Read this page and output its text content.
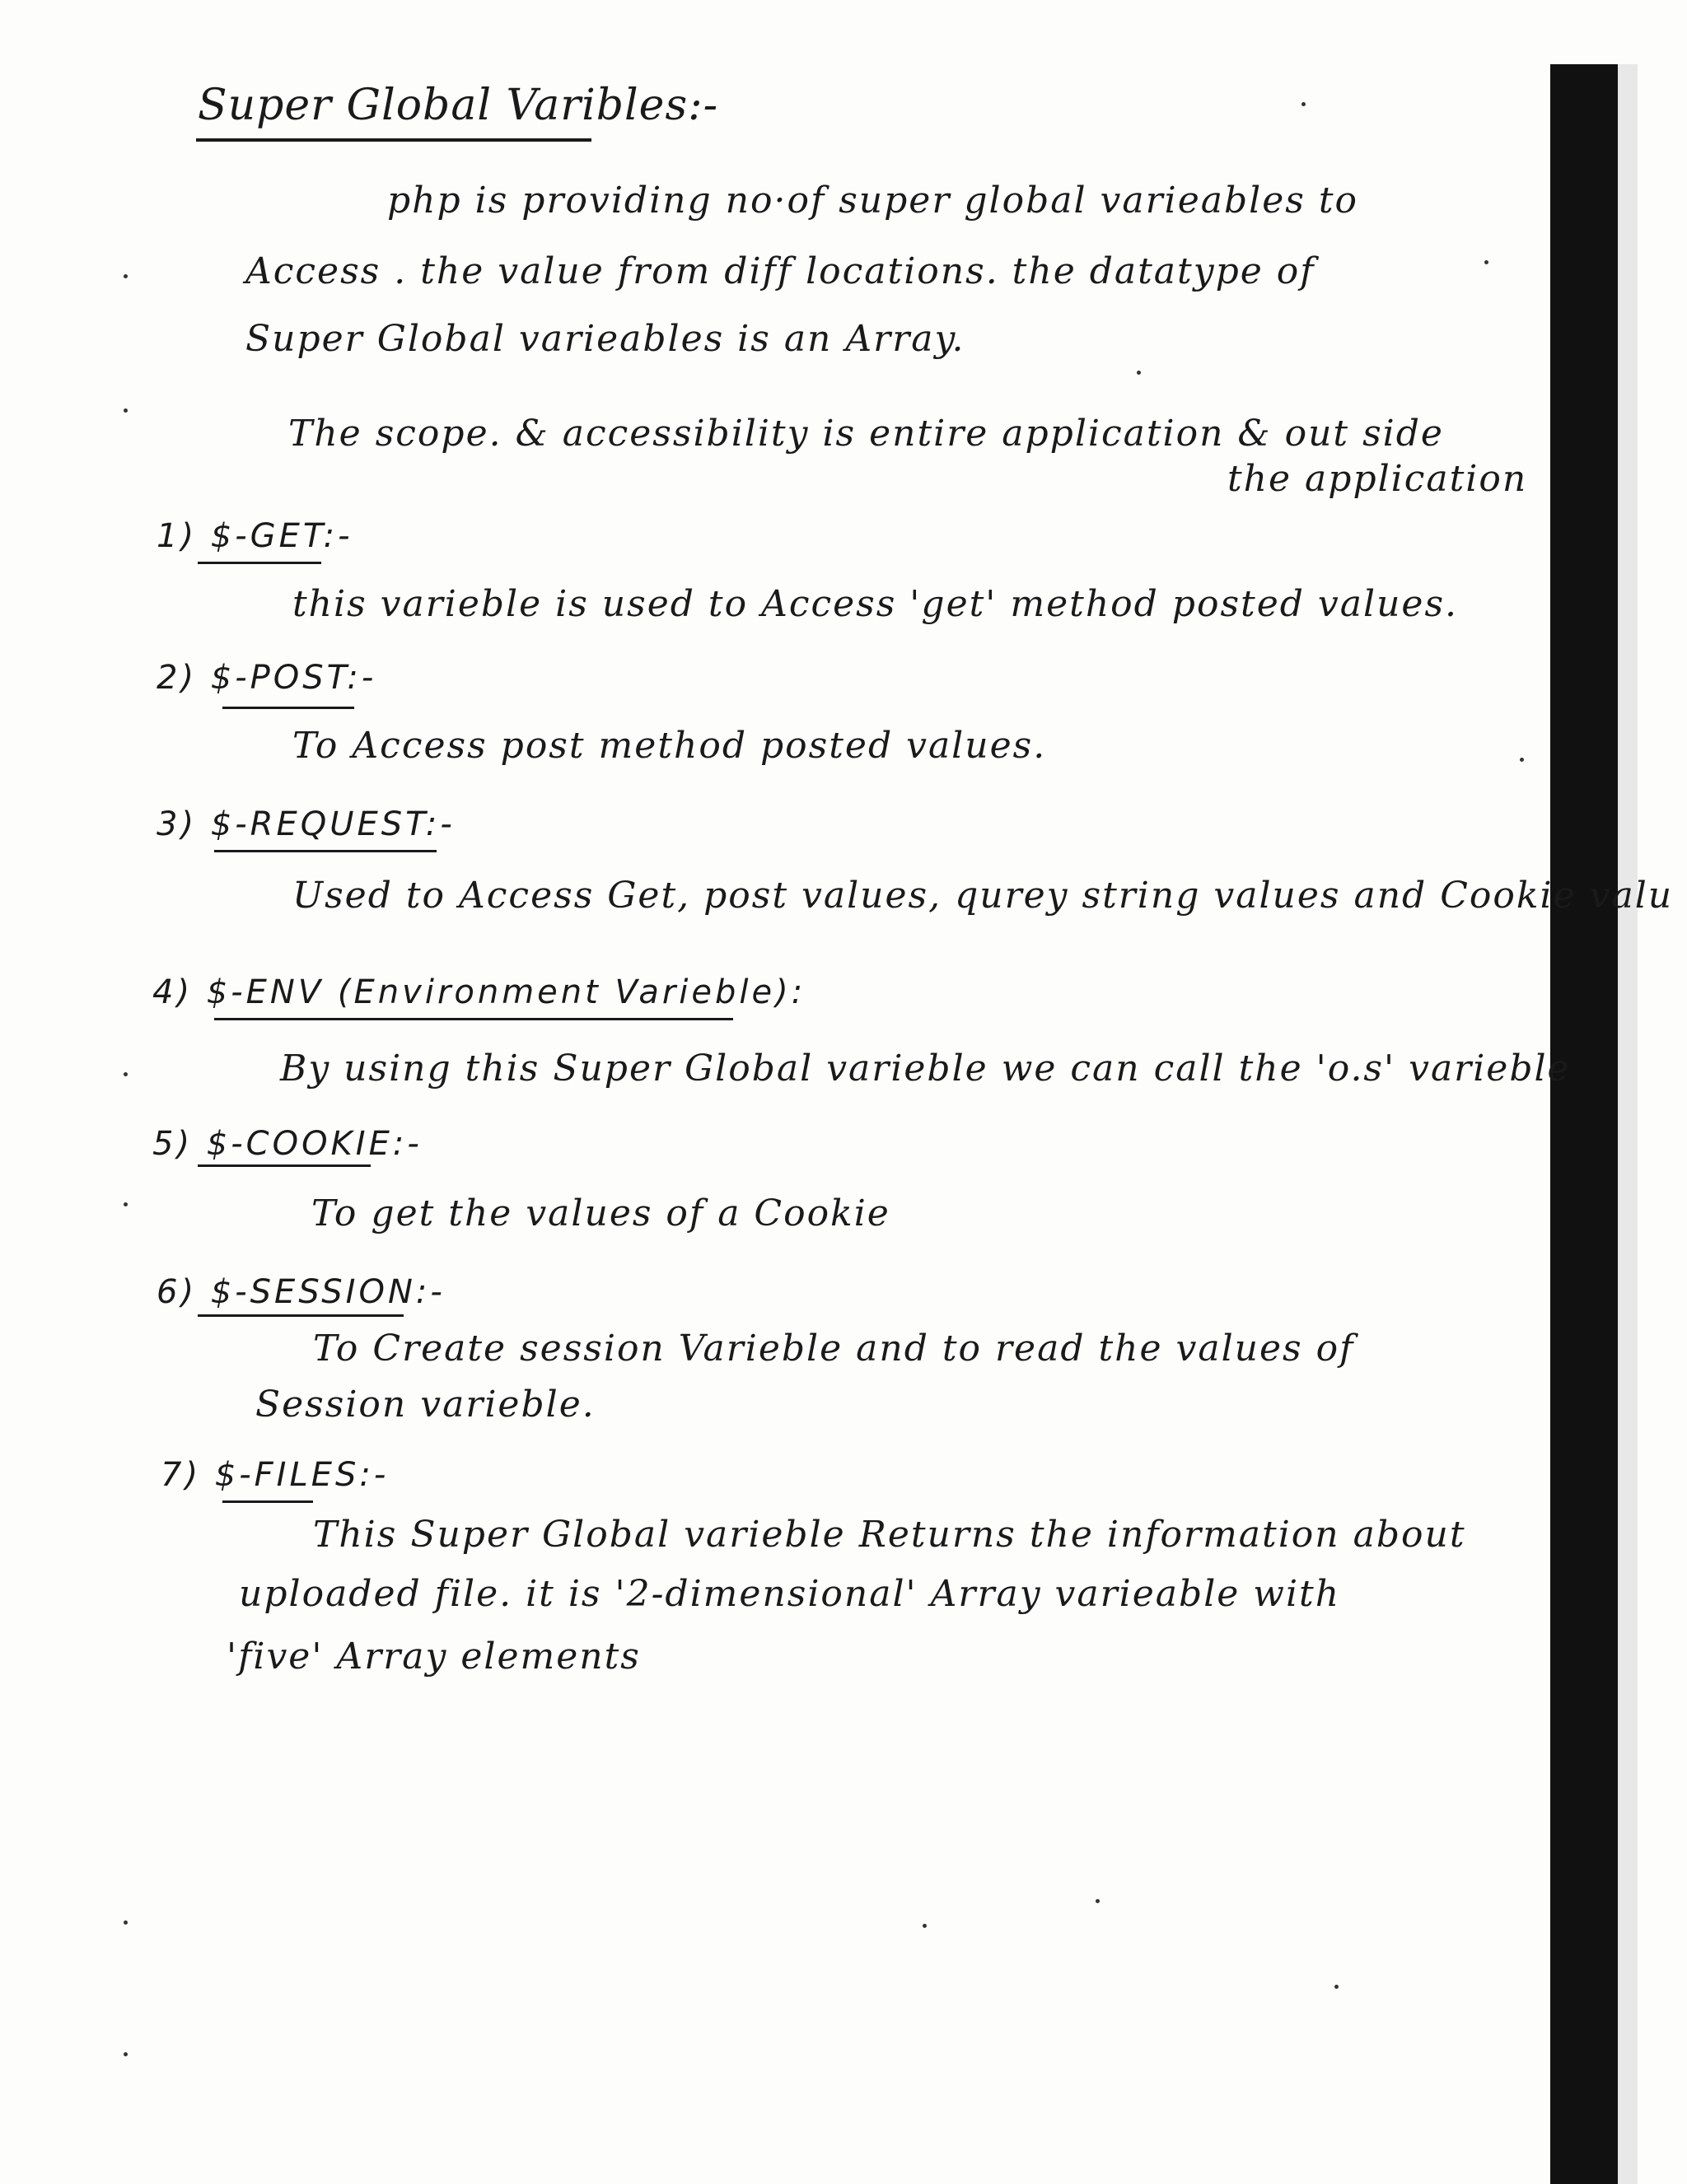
Super Global Varibles:-
php is providing no·of super global varieables to
Access . the value from diff locations. the datatype of
Super Global varieables is an Array.
The scope. & accessibility is entire application & out side
the application
1) $-GET:-
this varieble is used to Access 'get' method posted values.
2) $-POST:-
To Access post method posted values.
3) $-REQUEST:-
Used to Access Get, post values, qurey string values and Cookie valu
4) $-ENV (Environment Varieble):
By using this Super Global varieble we can call the 'o.s' varieble
5) $-COOKIE:-
To get the values of a Cookie
6) $-SESSION:-
To Create session Varieble and to read the values of
Session varieble.
7) $-FILES:-
This Super Global varieble Returns the information about
uploaded file. it is '2-dimensional' Array varieable with
'five' Array elements
